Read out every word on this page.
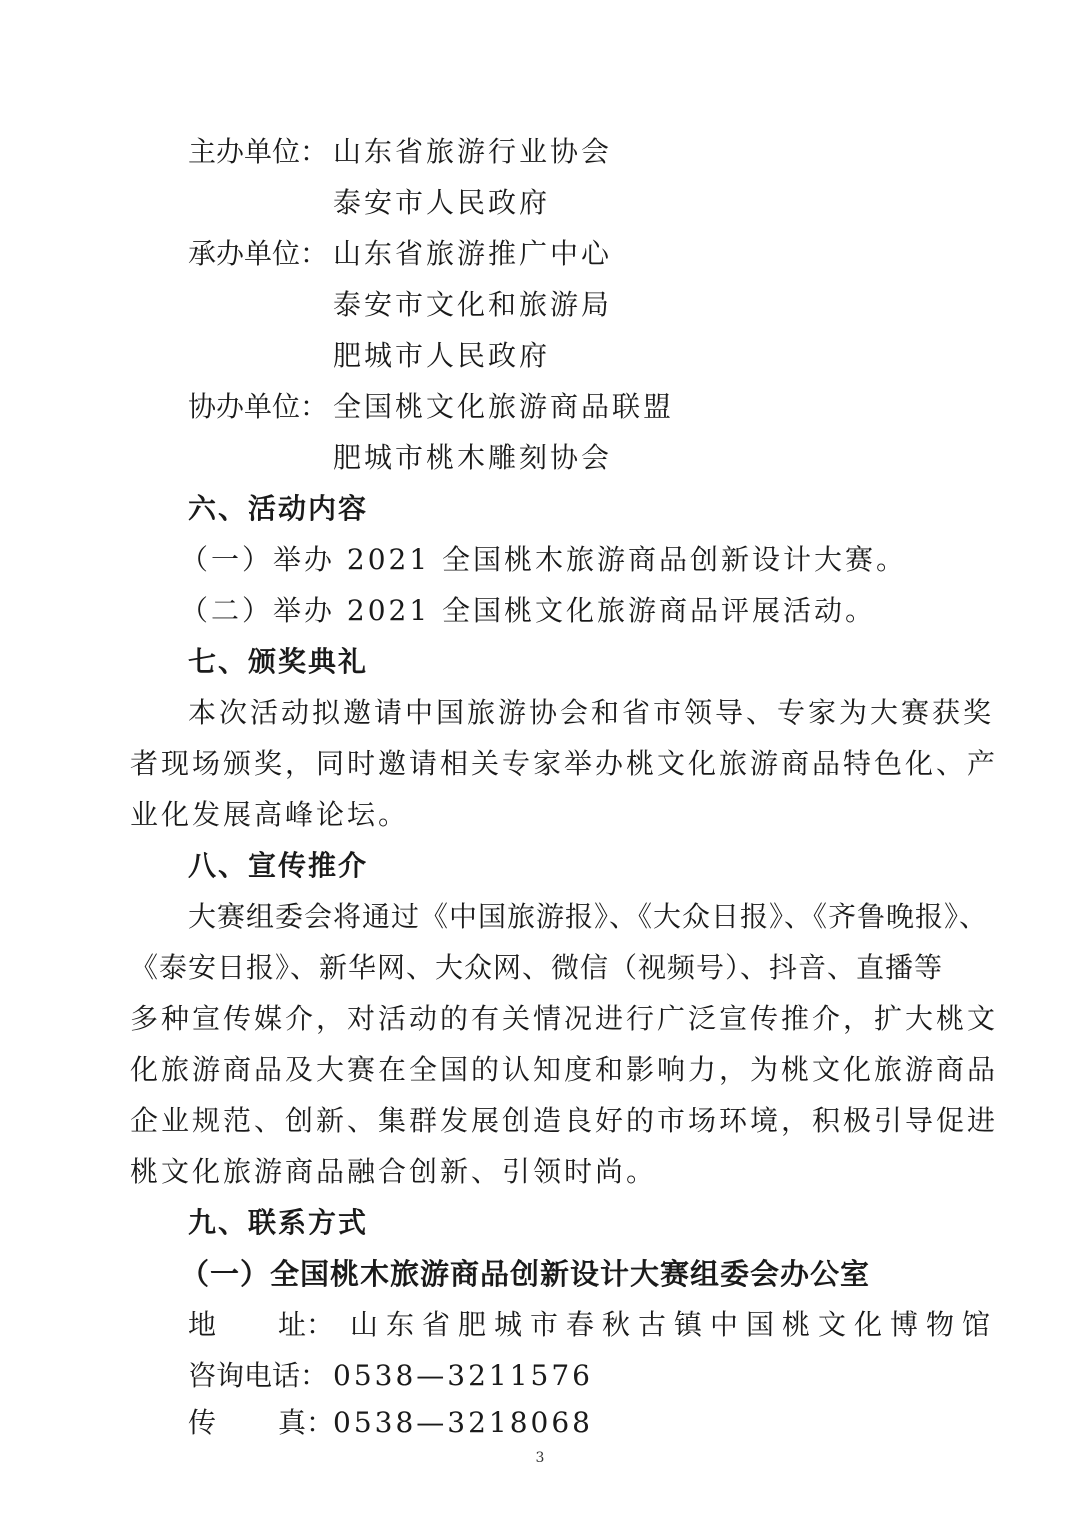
主办单位： 山东省旅游行业协会
泰安市人民政府
承办单位： 山东省旅游推广中心
泰安市文化和旅游局
肥城市人民政府
协办单位： 全国桃文化旅游商品联盟
肥城市桃木雕刻协会
六、活动内容
（一）举办 2021 全国桃木旅游商品创新设计大赛。
（二）举办 2021 全国桃文化旅游商品评展活动。
七、颁奖典礼
本次活动拟邀请中国旅游协会和省市领导、专家为大赛获奖
者现场颁奖，同时邀请相关专家举办桃文化旅游商品特色化、产
业化发展高峰论坛。
八、宣传推介
大赛组委会将通过《中国旅游报》、《大众日报》、《齐鲁晚报》、
《泰安日报》、新华网、大众网、微信（视频号）、抖音、直播等
多种宣传媒介，对活动的有关情况进行广泛宣传推介，扩大桃文
化旅游商品及大赛在全国的认知度和影响力，为桃文化旅游商品
企业规范、创新、集群发展创造良好的市场环境，积极引导促进
桃文化旅游商品融合创新、引领时尚。
九、联系方式
（一）全国桃木旅游商品创新设计大赛组委会办公室
地 址： 山东省肥城市春秋古镇中国桃文化博物馆
咨询电话： 0538—3211576
传 真：
0538—3218068
3
